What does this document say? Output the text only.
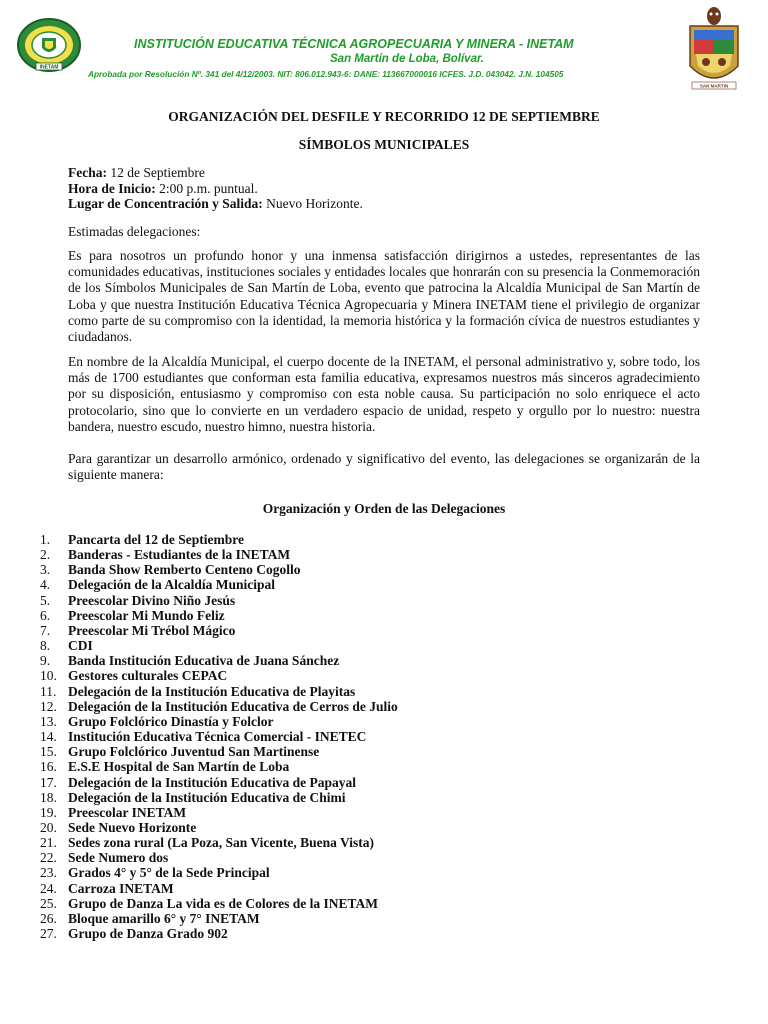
INETAM
INSTITUCIÓN EDUCATIVA TÉCNICA AGROPECUARIA Y MINERA - INETAM
San Martín de Loba, Bolívar.
Aprobada por Resolución Nº. 341 del 4/12/2003. NIT: 806.012.943-6: DANE: 113667000016 ICFES. J.D. 043042. J.N. 104505
SAN MARTIN
ORGANIZACIÓN DEL DESFILE Y RECORRIDO 12 DE SEPTIEMBRE
SÍMBOLOS MUNICIPALES
Fecha: 12 de Septiembre
Hora de Inicio: 2:00 p.m. puntual.
Lugar de Concentración y Salida: Nuevo Horizonte.

Estimadas delegaciones:

Es para nosotros un profundo honor y una inmensa satisfacción dirigirnos a ustedes, representantes de las comunidades educativas, instituciones sociales y entidades locales que honrarán con su presencia la Conmemoración de los Símbolos Municipales de San Martín de Loba, evento que patrocina la Alcaldía Municipal de San Martín de Loba y que nuestra Institución Educativa Técnica Agropecuaria y Minera INETAM tiene el privilegio de organizar como parte de su compromiso con la identidad, la memoria histórica y la formación cívica de nuestros estudiantes y ciudadanos.

En nombre de la Alcaldía Municipal, el cuerpo docente de la INETAM, el personal administrativo y, sobre todo, los más de 1700 estudiantes que conforman esta familia educativa, expresamos nuestros más sinceros agradecimiento por su disposición, entusiasmo y compromiso con esta noble causa. Su participación no solo enriquece el acto protocolario, sino que lo convierte en un verdadero espacio de unidad, respeto y orgullo por lo nuestro: nuestra bandera, nuestro escudo, nuestro himno, nuestra historia.

Para garantizar un desarrollo armónico, ordenado y significativo del evento, las delegaciones se organizarán de la siguiente manera:

Organización y Orden de las Delegaciones
1.	Pancarta del 12 de Septiembre
2.	Banderas - Estudiantes de la INETAM
3.	Banda Show Remberto Centeno Cogollo
4.	Delegación de la Alcaldía Municipal
5.	Preescolar Divino Niño Jesús
6.	Preescolar Mi Mundo Feliz
7.	Preescolar Mi Trébol Mágico
8.	CDI
9.	Banda Institución Educativa de Juana Sánchez
10. Gestores culturales CEPAC
11. Delegación de la Institución Educativa de Playitas
12. Delegación de la Institución Educativa de Cerros de Julio
13. Grupo Folclórico Dinastía y Folclor
14. Institución Educativa Técnica Comercial - INETEC
15. Grupo Folclórico Juventud San Martinense
16. E.S.E Hospital de San Martín de Loba
17. Delegación de la Institución Educativa de Papayal
18. Delegación de la Institución Educativa de Chimi
19. Preescolar INETAM
20. Sede Nuevo Horizonte
21. Sedes zona rural (La Poza, San Vicente, Buena Vista)
22. Sede Numero dos
23. Grados 4° y 5° de la Sede Principal
24. Carroza INETAM
25. Grupo de Danza La vida es de Colores de la INETAM
26. Bloque amarillo 6° y 7° INETAM
27. Grupo de Danza Grado 902
